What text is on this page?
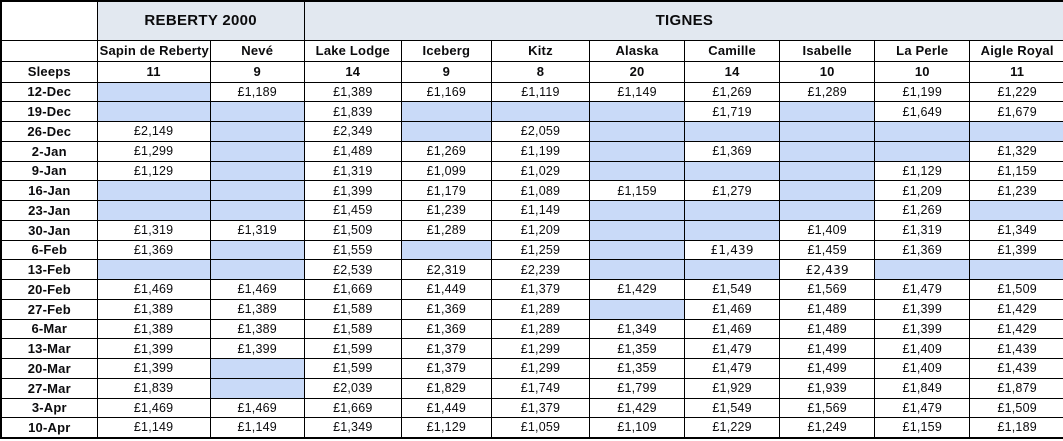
	REBERTY 2000		TIGNES							
	Sapin de Reberty	Nevé	Lake Lodge	Iceberg	Kitz	Alaska	Camille	Isabelle	La Perle	Aigle Royal
Sleeps	11	9	14	9	8	20	14	10	10	11
12-Dec		£1,189	£1,389	£1,169	£1,119	£1,149	£1,269	£1,289	£1,199	£1,229
19-Dec			£1,839				£1,719		£1,649	£1,679
26-Dec	£2,149		£2,349		£2,059					
2-Jan	£1,299		£1,489	£1,269	£1,199		£1,369			£1,329
9-Jan	£1,129		£1,319	£1,099	£1,029				£1,129	£1,159
16-Jan			£1,399	£1,179	£1,089	£1,159	£1,279		£1,209	£1,239
23-Jan			£1,459	£1,239	£1,149				£1,269	
30-Jan	£1,319	£1,319	£1,509	£1,289	£1,209			£1,409	£1,319	£1,349
6-Feb	£1,369		£1,559		£1,259		£1,439	£1,459	£1,369	£1,399
13-Feb			£2,539	£2,319	£2,239			£2,439		
20-Feb	£1,469	£1,469	£1,669	£1,449	£1,379	£1,429	£1,549	£1,569	£1,479	£1,509
27-Feb	£1,389	£1,389	£1,589	£1,369	£1,289		£1,469	£1,489	£1,399	£1,429
6-Mar	£1,389	£1,389	£1,589	£1,369	£1,289	£1,349	£1,469	£1,489	£1,399	£1,429
13-Mar	£1,399	£1,399	£1,599	£1,379	£1,299	£1,359	£1,479	£1,499	£1,409	£1,439
20-Mar	£1,399		£1,599	£1,379	£1,299	£1,359	£1,479	£1,499	£1,409	£1,439
27-Mar	£1,839		£2,039	£1,829	£1,749	£1,799	£1,929	£1,939	£1,849	£1,879
3-Apr	£1,469	£1,469	£1,669	£1,449	£1,379	£1,429	£1,549	£1,569	£1,479	£1,509
10-Apr	£1,149	£1,149	£1,349	£1,129	£1,059	£1,109	£1,229	£1,249	£1,159	£1,189
